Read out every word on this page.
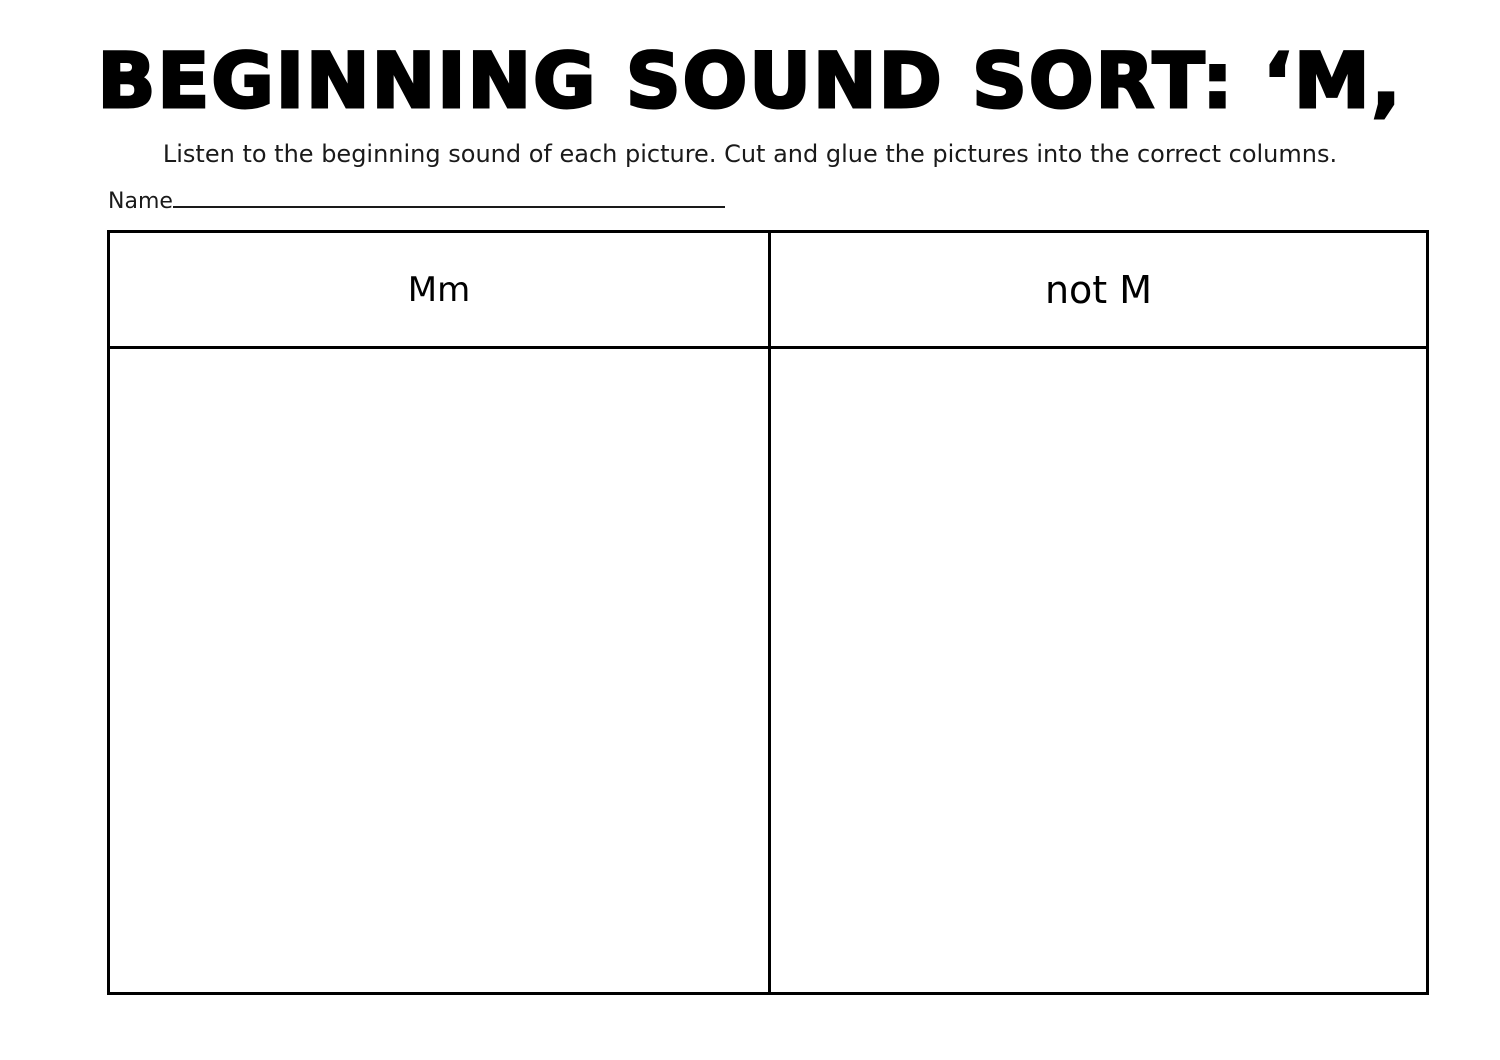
BEGINNING SOUND SORT: ‘M,
Listen to the beginning sound of each picture. Cut and glue the pictures into the correct columns.
Name
Mm	not M
